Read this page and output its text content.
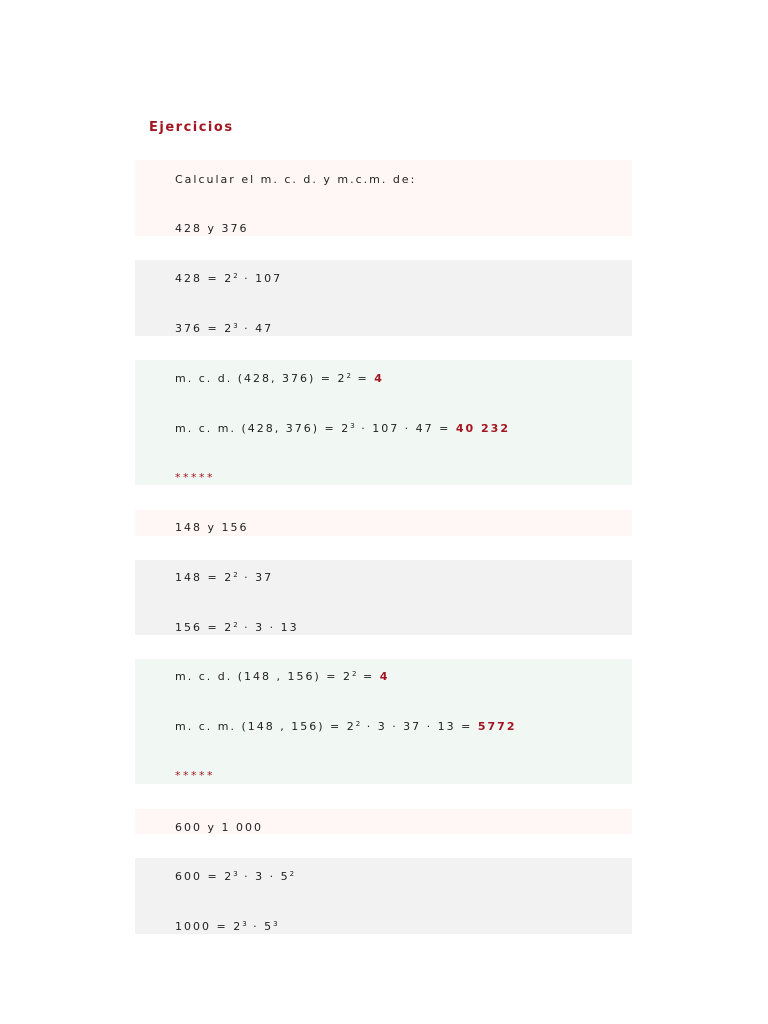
Ejercicios
Calcular el m. c. d. y m.c.m. de:
428 y 376
$428 = 2^2 \cdot 107$
$376 = 2^3 \cdot 47$
m. c. d. (428, $376) = 2^2 = 4$
m. c. m. (428, $376) = 2^3 \cdot 107 \cdot 47 = 40$ 232
*****
148 y 156
$148 = 2^2 \cdot 37$
$156 = 2^2 \cdot 3 \cdot 13$
m. c. d. (148 , $156) = 2^2 = 4$
m. c. m. (148 , $156) = 2^2 \cdot 3 \cdot 37 \cdot 13 = 5772$
*****
600 y 1 000
$600 = 2^3 \cdot 3 \cdot 5^2$
$1000 = 2^3 \cdot 5^3$
